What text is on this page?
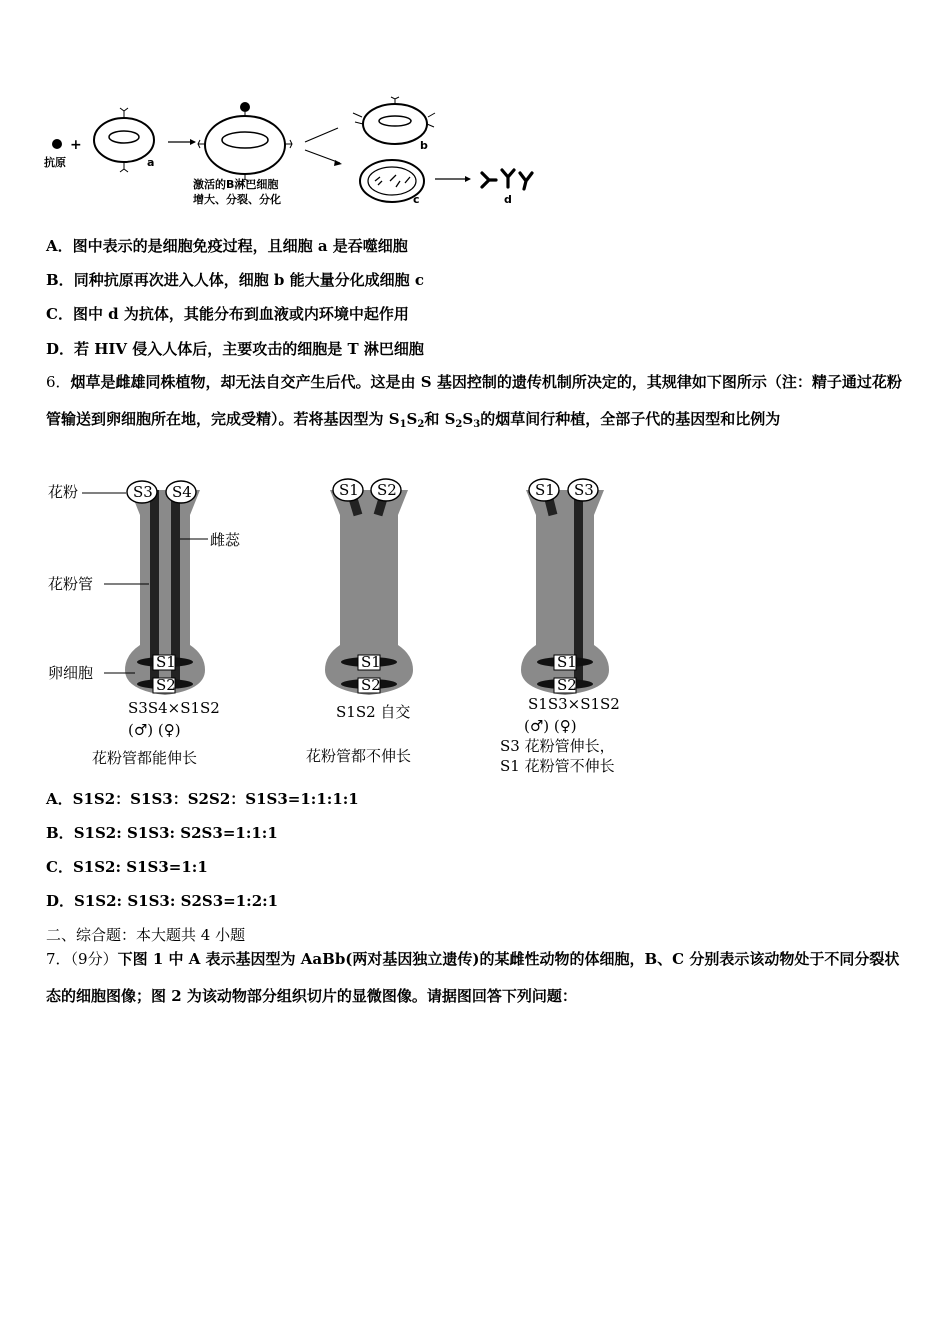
+
抗原	a
激活的B淋巴细胞
增大、分裂、分化
b
c	d
A．图中表示的是细胞免疫过程，且细胞 a 是吞噬细胞
B．同种抗原再次进入人体，细胞 b 能大量分化成细胞 c
C．图中 d 为抗体，其能分布到血液或内环境中起作用
D．若 HIV 侵入人体后，主要攻击的细胞是 T 淋巴细胞
6．烟草是雌雄同株植物，却无法自交产生后代。这是由 S 基因控制的遗传机制所决定的，其规律如下图所示（注：精子通过花粉管输送到卵细胞所在地，完成受精）。若将基因型为 $S_1S_2$和 $S_2S_3$的烟草间行种植，全部子代的基因型和比例为
S3 S4
S1
S2
花粉
雌蕊
花粉管
卵细胞
S3S4×S1S2
(♂) (♀)
花粉管都能伸长
S1 S2
S1
S2
S1S2 自交
花粉管都不伸长
S1 S3
S1
S2
S1S3×S1S2
(♂) (♀)
S3 花粉管伸长，
S1 花粉管不伸长
A．S1S2：S1S3：S2S2：S1S3=1:1:1:1
B．S1S2: S1S3: S2S3=1:1:1
C．S1S2: S1S3=1:1
D．S1S2: S1S3: S2S3=1:2:1
二、综合题：本大题共 4 小题
7．（9分）下图 1 中 A 表示基因型为 AaBb(两对基因独立遗传)的某雌性动物的体细胞，B、C 分别表示该动物处于不同分裂状态的细胞图像；图 2 为该动物部分组织切片的显微图像。请据图回答下列问题：
